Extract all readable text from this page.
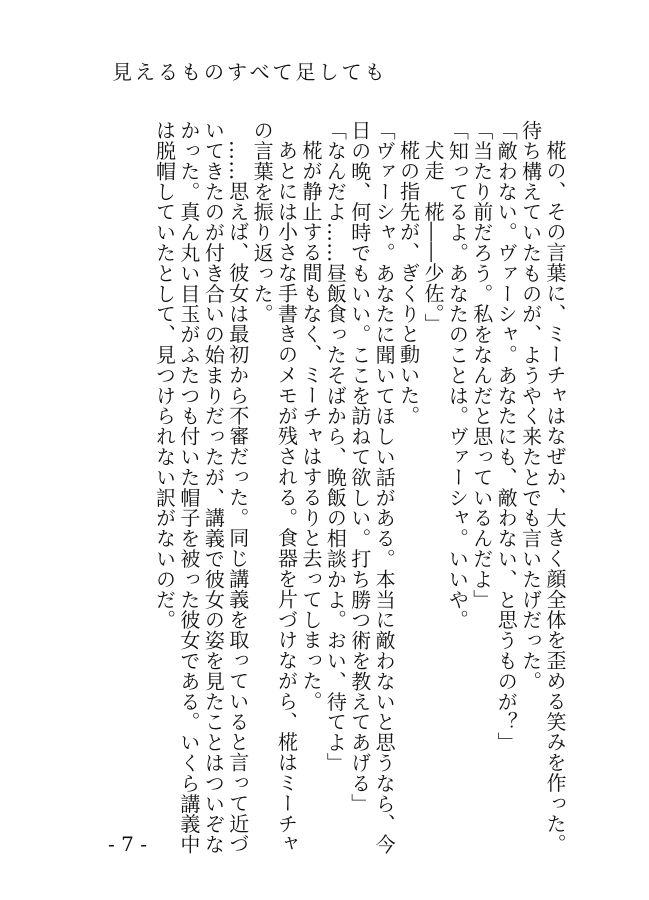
見えるものすべて足しても

椛の、その言葉に、ミーチャはなぜか、大きく顔全体を歪める笑みを作った。

待ち構えていたものが、ようやく来たとでも言いたげだった。

「敵わない。ヴァーシャ。あなたにも、敵わない、と思うものが？」

「当たり前だろう。私をなんだと思っているんだよ」

「知ってるよ。あなたのことは。ヴァーシャ。いいや。

犬走　椛――少佐。」

椛の指先が、ぎくりと動いた。

「ヴァーシャ。あなたに聞いてほしい話がある。本当に敵わないと思うなら、今

日の晩、何時でもいい。ここを訪ねて欲しい。打ち勝つ術を教えてあげる」

「なんだよ……昼飯食ったそばから、晩飯の相談かよ。おい、待てよ」

椛が静止する間もなく、ミーチャはするりと去ってしまった。

あとには小さな手書きのメモが残される。食器を片づけながら、椛はミーチャ

の言葉を振り返った。

……思えば、彼女は最初から不審だった。同じ講義を取っていると言って近づ

いてきたのが付き合いの始まりだったが、講義で彼女の姿を見たことはついぞな

かった。真ん丸い目玉がふたつも付いた帽子を被った彼女である。いくら講義中

は脱帽していたとして、見つけられない訳がないのだ。

- 7 -
